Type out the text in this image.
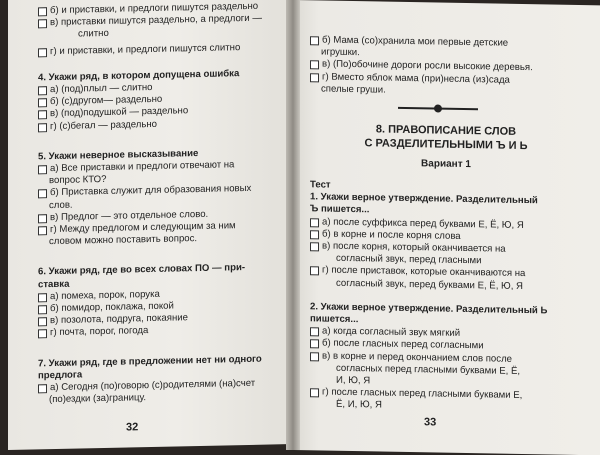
б) и приставки, и предлоги пишутся раздельно
в) приставки пишутся раздельно, а предлоги —
слитно
г) и приставки, и предлоги пишутся слитно
4. Укажи ряд, в котором допущена ошибка
а) (под)плыл — слитно
б) (с)другом— раздельно
в) (под)подушкой — раздельно
г) (с)бегал — раздельно
5. Укажи неверное высказывание
а) Все приставки и предлоги отвечают на
вопрос КТО?
б) Приставка служит для образования новых
слов.
в) Предлог — это отдельное слово.
г) Между предлогом и следующим за ним
словом можно поставить вопрос.
6. Укажи ряд, где во всех словах ПО — при-
ставка
а) помеха, порок, порука
б) помидор, поклажа, покой
в) позолота, подруга, покаяние
г) почта, порог, погода
7. Укажи ряд, где в предложении нет ни одного
предлога
а) Сегодня (по)говорю (с)родителями (на)счет
(по)ездки (за)границу.
32
б) Мама (со)хранила мои первые детские
игрушки.
в) (По)обочине дороги росли высокие деревья.
г) Вместо яблок мама (при)несла (из)сада
спелые груши.
8. ПРАВОПИСАНИЕ СЛОВ
С РАЗДЕЛИТЕЛЬНЫМИ Ъ И Ь
Вариант 1
Тест
1. Укажи верное утверждение. Разделительный
Ъ пишется...
а) после суффикса перед буквами Е, Ё, Ю, Я
б) в корне и после корня слова
в) после корня, который оканчивается на
согласный звук, перед гласными
г) после приставок, которые оканчиваются на
согласный звук, перед буквами Е, Ё, Ю, Я
2. Укажи верное утверждение. Разделительный Ь
пишется...
а) когда согласный звук мягкий
б) после гласных перед согласными
в) в корне и перед окончанием слов после
согласных перед гласными буквами Е, Ё,
И, Ю, Я
г) после гласных перед гласными буквами Е,
Ё, И, Ю, Я
33
